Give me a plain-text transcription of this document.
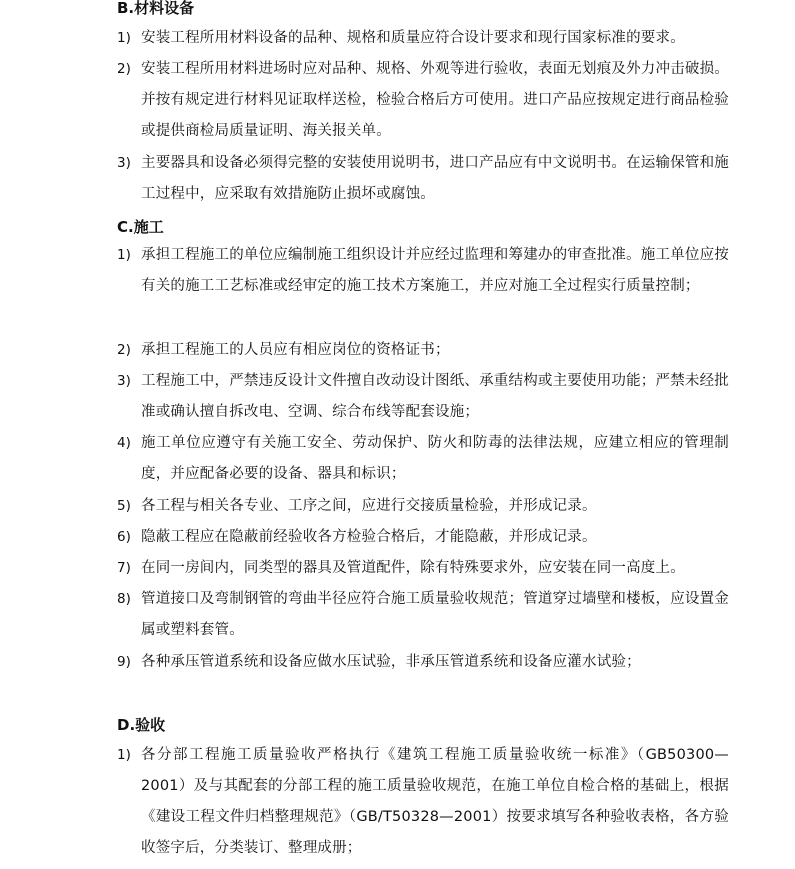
B.材料设备
1) 安装工程所用材料设备的品种、规格和质量应符合设计要求和现行国家标准的要求。
2) 安装工程所用材料进场时应对品种、规格、外观等进行验收，表面无划痕及外力冲击破损。并按有规定进行材料见证取样送检，检验合格后方可使用。进口产品应按规定进行商品检验或提供商检局质量证明、海关报关单。
3) 主要器具和设备必须得完整的安装使用说明书，进口产品应有中文说明书。在运输保管和施工过程中，应采取有效措施防止损坏或腐蚀。
C.施工
1) 承担工程施工的单位应编制施工组织设计并应经过监理和筹建办的审查批准。施工单位应按有关的施工工艺标准或经审定的施工技术方案施工，并应对施工全过程实行质量控制；
2) 承担工程施工的人员应有相应岗位的资格证书；
3) 工程施工中，严禁违反设计文件擅自改动设计图纸、承重结构或主要使用功能；严禁未经批准或确认擅自拆改电、空调、综合布线等配套设施；
4) 施工单位应遵守有关施工安全、劳动保护、防火和防毒的法律法规，应建立相应的管理制度，并应配备必要的设备、器具和标识；
5) 各工程与相关各专业、工序之间，应进行交接质量检验，并形成记录。
6) 隐蔽工程应在隐蔽前经验收各方检验合格后，才能隐蔽，并形成记录。
7) 在同一房间内，同类型的器具及管道配件，除有特殊要求外，应安装在同一高度上。
8) 管道接口及弯制钢管的弯曲半径应符合施工质量验收规范；管道穿过墙壁和楼板，应设置金属或塑料套管。
9) 各种承压管道系统和设备应做水压试验，非承压管道系统和设备应灌水试验；
D.验收
1) 各分部工程施工质量验收严格执行《建筑工程施工质量验收统一标准》（GB50300—2001）及与其配套的分部工程的施工质量验收规范，在施工单位自检合格的基础上，根据《建设工程文件归档整理规范》（GB/T50328—2001）按要求填写各种验收表格，各方验收签字后，分类装订、整理成册；
